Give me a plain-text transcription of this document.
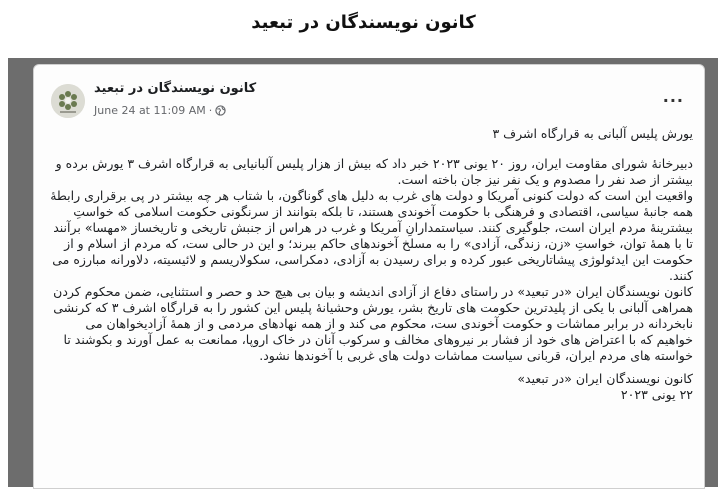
کانون نویسندگان در تبعید
کانون نویسندگان در تبعید
June 24 at 11:09 AM ·
...

یورش پلیس آلبانی به قرارگاه اشرف ۳

دبیرخانهٔ شورای مقاومت ایران، روز ۲۰ یونی ۲۰۲۳ خبر داد که بیش از هزار پلیس آلبانیایی به قرارگاه اشرف ۳ یورش برده و بیشتر از صد نفر را مصدوم و یک نفر نیز جان باخته است.

واقعیت این است که دولت کنونی آمریکا و دولت های غرب به دلیل های گوناگون، با شتاب هر چه بیشتر در پی برقراری رابطهٔ همه جانبهٔ سیاسی، اقتصادی و فرهنگی با حکومت آخوندی هستند، تا بلکه بتوانند از سرنگونی حکومت اسلامی که خواستِ بیشترینهٔ مردم ایران است، جلوگیری کنند. سیاستمدارانِ آمریکا و غرب در هراس از جنبش تاریخی و تاریخساز «مهسا» برآنند تا با همهٔ توان، خواستِ «زن، زندگی، آزادی» را به مسلخ آخوندهای حاکم ببرند؛ و این در حالی ست، که مردم از اسلام و از حکومت این ایدئولوژی پیشاتاریخی عبور کرده و برای رسیدن به آزادی، دمکراسی، سکولاریسم و لائیسیته، دلاورانه مبارزه می کنند.

کانون نویسندگان ایران «در تبعید» در راستای دفاع از آزادی اندیشه و بیان بی هیچ حد و حصر و استثنایی، ضمن محکوم کردن همراهی آلبانی با یکی از پلیدترین حکومت های تاریخ بشر، یورش وحشیانهٔ پلیس این کشور را به قرارگاه اشرف ۳ که کرنشی نابخردانه در برابر مماشات و حکومت آخوندی ست، محکوم می کند و از همه نهادهای مردمی و از همهٔ آزادیخواهان می خواهیم که با اعتراض های خود از فشار بر نیروهای مخالف و سرکوب آنان در خاک اروپا، ممانعت به عمل آورند و بکوشند تا خواسته های مردم ایران، قربانی سیاست مماشات دولت های غربی با آخوندها نشود.

کانون نویسندگان ایران «در تبعید»

۲۲ یونی ۲۰۲۳
